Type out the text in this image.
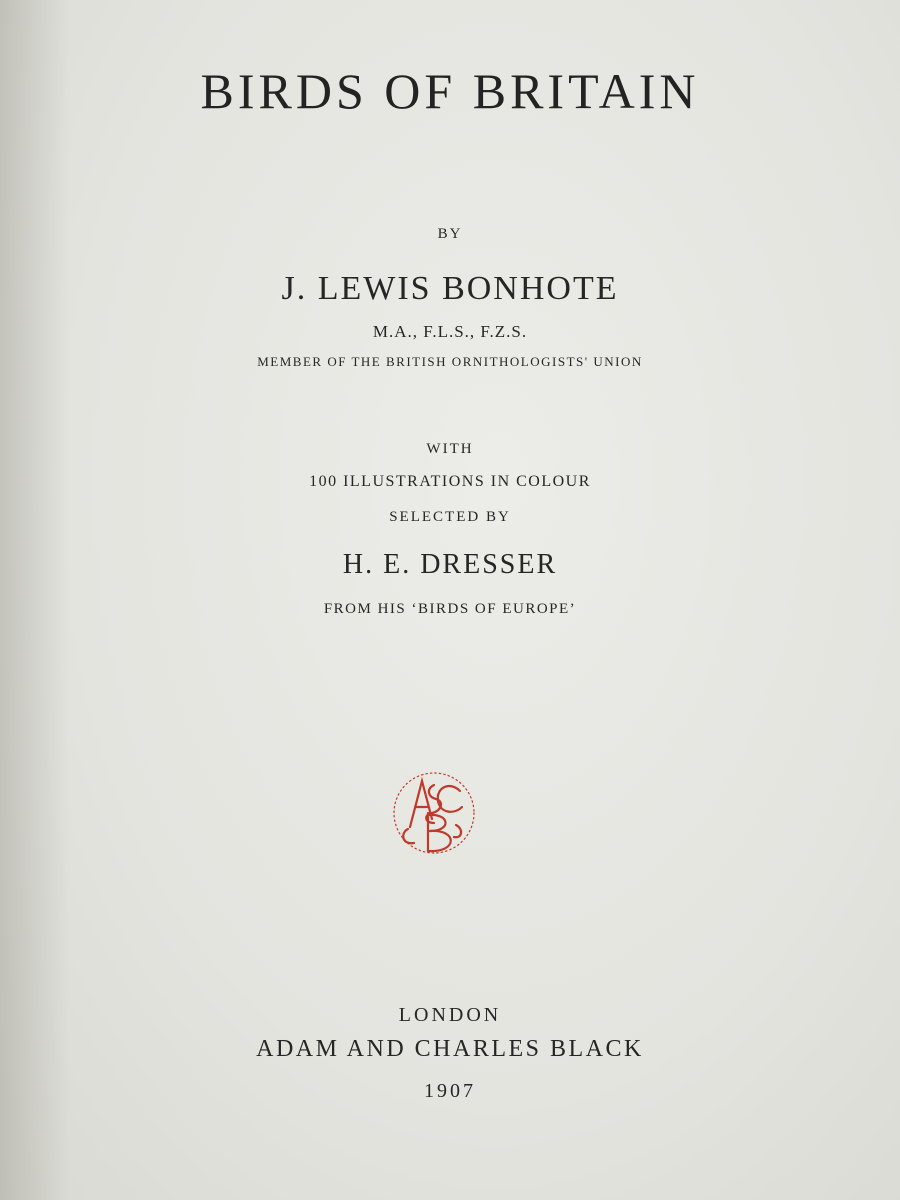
BIRDS OF BRITAIN
BY
J. LEWIS BONHOTE
M.A., F.L.S., F.Z.S.
MEMBER OF THE BRITISH ORNITHOLOGISTS' UNION
WITH
100 ILLUSTRATIONS IN COLOUR
SELECTED BY
H. E. DRESSER
FROM HIS ‘BIRDS OF EUROPE’
LONDON
ADAM AND CHARLES BLACK
1907
